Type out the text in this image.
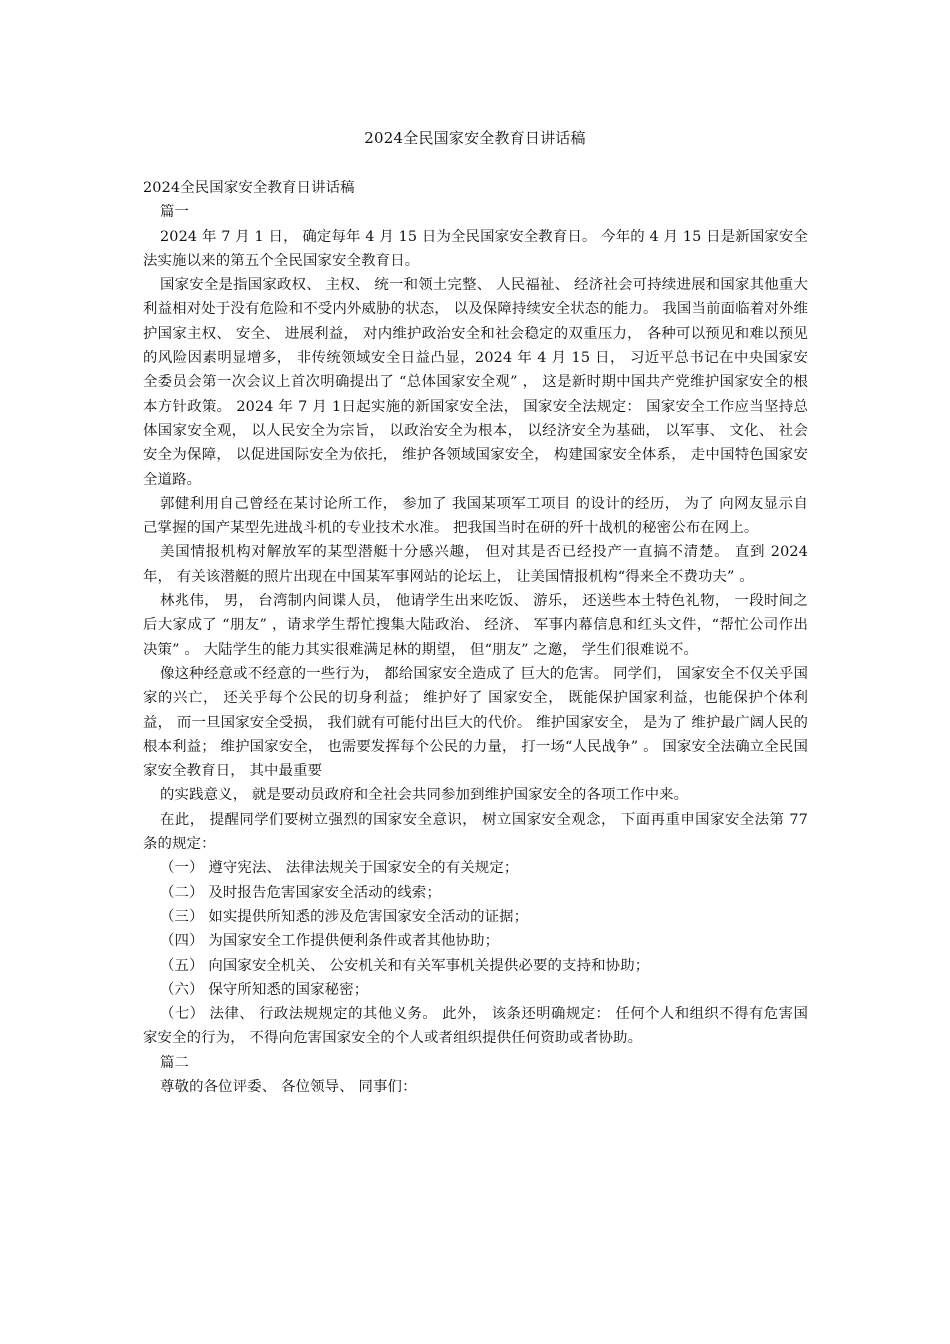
2024全民国家安全教育日讲话稿

2024全民国家安全教育日讲话稿

篇一

2024 年 7 月 1 日， 确定每年 4 月 15 日为全民国家安全教育日。 今年的 4 月 15 日是新国家安全法实施以来的第五个全民国家安全教育日。

国家安全是指国家政权、 主权、 统一和领土完整、 人民福祉、 经济社会可持续进展和国家其他重大利益相对处于没有危险和不受内外威胁的状态， 以及保障持续安全状态的能力。 我国当前面临着对外维护国家主权、 安全、 进展利益， 对内维护政治安全和社会稳定的双重压力， 各种可以预见和难以预见的风险因素明显增多， 非传统领域安全日益凸显，2024 年 4 月 15 日， 习近平总书记在中央国家安全委员会第一次会议上首次明确提出了 “总体国家安全观” ， 这是新时期中国共产党维护国家安全的根本方针政策。 2024 年 7 月 1日起实施的新国家安全法， 国家安全法规定： 国家安全工作应当坚持总体国家安全观， 以人民安全为宗旨， 以政治安全为根本， 以经济安全为基础， 以军事、 文化、 社会安全为保障， 以促进国际安全为依托， 维护各领域国家安全， 构建国家安全体系， 走中国特色国家安全道路。

郭健利用自己曾经在某讨论所工作， 参加了 我国某项军工项目 的设计的经历， 为了 向网友显示自己掌握的国产某型先进战斗机的专业技术水准。 把我国当时在研的歼十战机的秘密公布在网上。

美国情报机构对解放军的某型潜艇十分感兴趣， 但对其是否已经投产一直搞不清楚。 直到 2024 年， 有关该潜艇的照片出现在中国某军事网站的论坛上， 让美国情报机构“得来全不费功夫” 。

林兆伟， 男， 台湾制内间谍人员， 他请学生出来吃饭、 游乐， 还送些本土特色礼物， 一段时间之后大家成了 “朋友” ，请求学生帮忙搜集大陆政治、 经济、 军事内幕信息和红头文件，“帮忙公司作出决策” 。 大陆学生的能力其实很难满足林的期望， 但“朋友” 之邀， 学生们很难说不。

像这种经意或不经意的一些行为， 都给国家安全造成了 巨大的危害。 同学们， 国家安全不仅关乎国家的兴亡， 还关乎每个公民的切身利益； 维护好了 国家安全， 既能保护国家利益，也能保护个体利益， 而一旦国家安全受损， 我们就有可能付出巨大的代价。 维护国家安全， 是为了 维护最广阔人民的根本利益； 维护国家安全， 也需要发挥每个公民的力量， 打一场“人民战争” 。 国家安全法确立全民国家安全教育日， 其中最重要

的实践意义， 就是要动员政府和全社会共同参加到维护国家安全的各项工作中来。

在此， 提醒同学们要树立强烈的国家安全意识， 树立国家安全观念， 下面再重申国家安全法第 77 条的规定：

（一） 遵守宪法、 法律法规关于国家安全的有关规定；

（二） 及时报告危害国家安全活动的线索；

（三） 如实提供所知悉的涉及危害国家安全活动的证据；

（四） 为国家安全工作提供便利条件或者其他协助；

（五） 向国家安全机关、 公安机关和有关军事机关提供必要的支持和协助；

（六） 保守所知悉的国家秘密；

（七） 法律、 行政法规规定的其他义务。 此外， 该条还明确规定： 任何个人和组织不得有危害国家安全的行为， 不得向危害国家安全的个人或者组织提供任何资助或者协助。

篇二

尊敬的各位评委、 各位领导、 同事们：
